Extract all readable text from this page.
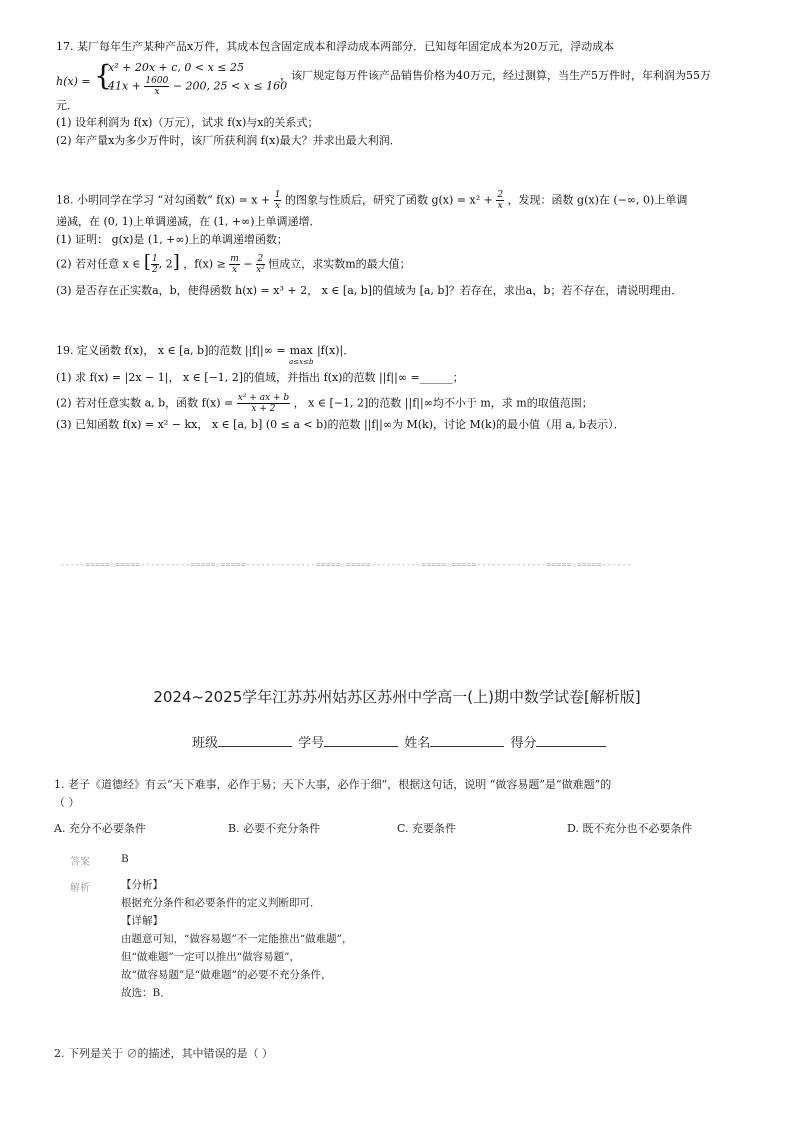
17. 某厂每年生产某种产品x万件，其成本包含固定成本和浮动成本两部分．已知每年固定成本为20万元，浮动成本
h(x) = {
x² + 20x + c, 0 < x ≤ 25
$41x + \frac{1600}{x} - 200$, 25 < x ≤ 160
，该厂规定每万件该产品销售价格为40万元，经过测算，当生产5万件时，年利润为55万
元．
(1) 设年利润为 f(x)（万元），试求 f(x)与x的关系式；
(2) 年产量x为多少万件时，该厂所获利润 f(x)最大？并求出最大利润．
18. 小明同学在学习 “对勾函数” $f(x) = x + \frac{1}{x}$ 的图象与性质后，研究了函数 $g(x) = x^2 + \frac{2}{x}$ ，发现：函数 g(x)在 (−∞, 0)上单调
递减，在 (0, 1)上单调递减，在 (1, +∞)上单调递增．
(1) 证明： g(x)是 (1, +∞)上的单调递增函数；
(2) 若对任意 x ∈ [ $\frac{1}{2}$ , 2] ，$f(x) \ge \frac{m}{x} - \frac{2}{\text{x²}}$ 恒成立，求实数m的最大值；
(3) 是否存在正实数a，b，使得函数 h(x) = x³ + 2， x ∈ [a, b]的值域为 [a, b]？若存在，求出a，b；若不存在，请说明理由．
19. 定义函数 f(x)， x ∈ [a, b]的范数 ||f||∞ = max
a≤x≤b
|f(x)|．
(1) 求 f(x) = |2x − 1|， x ∈ [−1, 2]的值域，并指出 f(x)的范数 ||f||∞ =______；
(2) 若对任意实数 a, b，函数 $f(x) = \frac{\text{x² + ax + b}}{x + 2}$ ， x ∈ [−1, 2]的范数 ||f||∞均不小于 m，求 m的取值范围；
(3) 已知函数 f(x) = x² − kx， x ∈ [a, b] (0 ≤ a < b)的范数 ||f||∞为 M(k)，讨论 M(k)的最小值（用 a, b表示）．
-----=====☆=====----------=====☆=====--------------=====☆=====----------=====☆=====--------------=====☆=====------
2024~2025学年江苏苏州姑苏区苏州中学高一(上)期中数学试卷[解析版]
班级	学号	姓名	得分
1. 老子《道德经》有云“天下难事，必作于易；天下大事，必作于细”，根据这句话，说明 “做容易题”是“做难题”的
（ ）
A. 充分不必要条件	B. 必要不充分条件	C. 充要条件	D. 既不充分也不必要条件
答案	B
解析	【分析】
根据充分条件和必要条件的定义判断即可．
【详解】
由题意可知，“做容易题”不一定能推出“做难题”，
但“做难题”一定可以推出“做容易题”，
故“做容易题”是“做难题”的必要不充分条件，
故选：B．
2. 下列是关于 ∅的描述，其中错误的是（ ）
